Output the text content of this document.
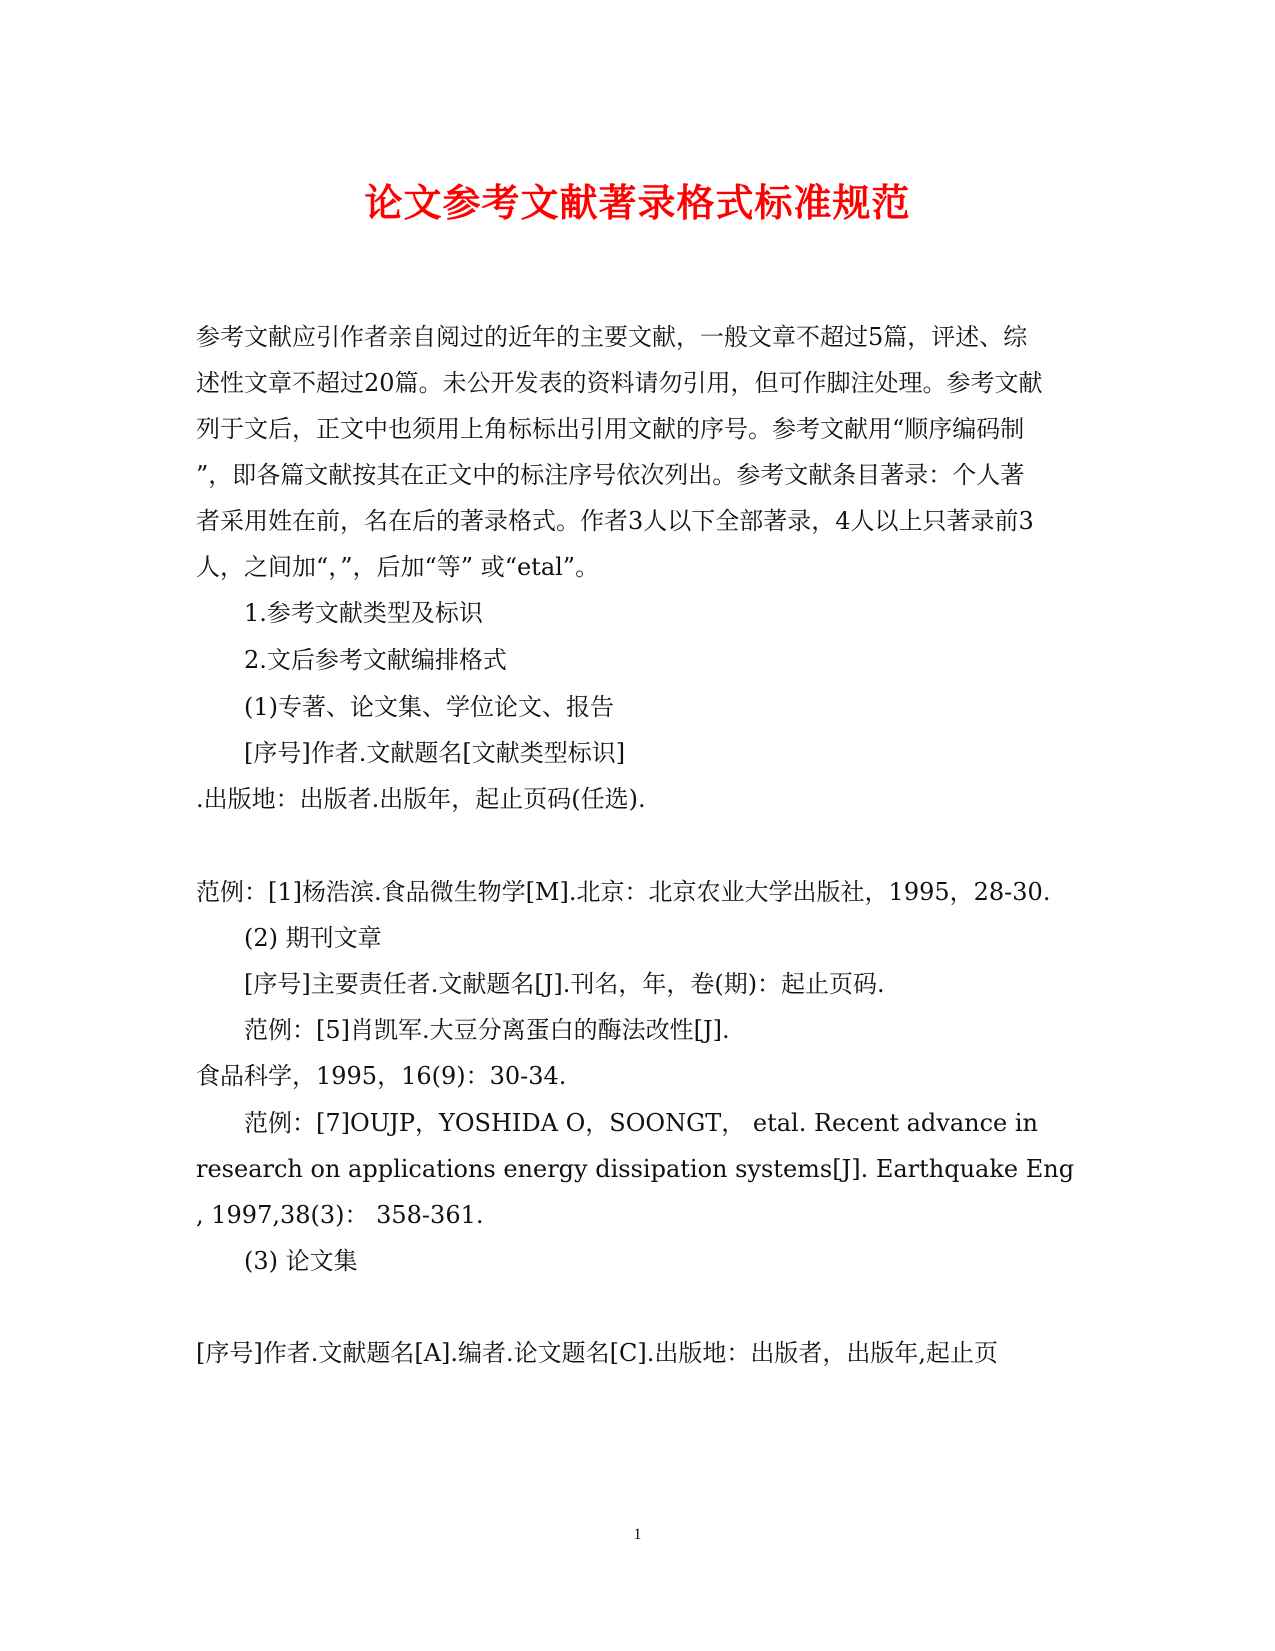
论文参考文献著录格式标准规范
参考文献应引作者亲自阅过的近年的主要文献，一般文章不超过5篇，评述、综
述性文章不超过20篇。未公开发表的资料请勿引用，但可作脚注处理。参考文献
列于文后，正文中也须用上角标标出引用文献的序号。参考文献用“顺序编码制
”，即各篇文献按其在正文中的标注序号依次列出。参考文献条目著录：个人著
者采用姓在前，名在后的著录格式。作者3人以下全部著录，4人以上只著录前3
人，之间加“，”，后加“等” 或“etal”。
1.参考文献类型及标识
2.文后参考文献编排格式
(1)专著、论文集、学位论文、报告
[序号]作者.文献题名[文献类型标识]
.出版地：出版者.出版年，起止页码(任选).
范例：[1]杨浩滨.食品微生物学[M].北京：北京农业大学出版社，1995，28-30.
(2) 期刊文章
[序号]主要责任者.文献题名[J].刊名，年，卷(期)：起止页码.
范例：[5]肖凯军.大豆分离蛋白的酶法改性[J].
食品科学，1995，16(9)：30-34.
范例：[7]OUJP，YOSHIDA O，SOONGT， etal. Recent advance in
research on applications energy dissipation systems[J]. Earthquake Eng
, 1997,38(3)： 358-361.
(3) 论文集
[序号]作者.文献题名[A].编者.论文题名[C].出版地：出版者，出版年,起止页
1
